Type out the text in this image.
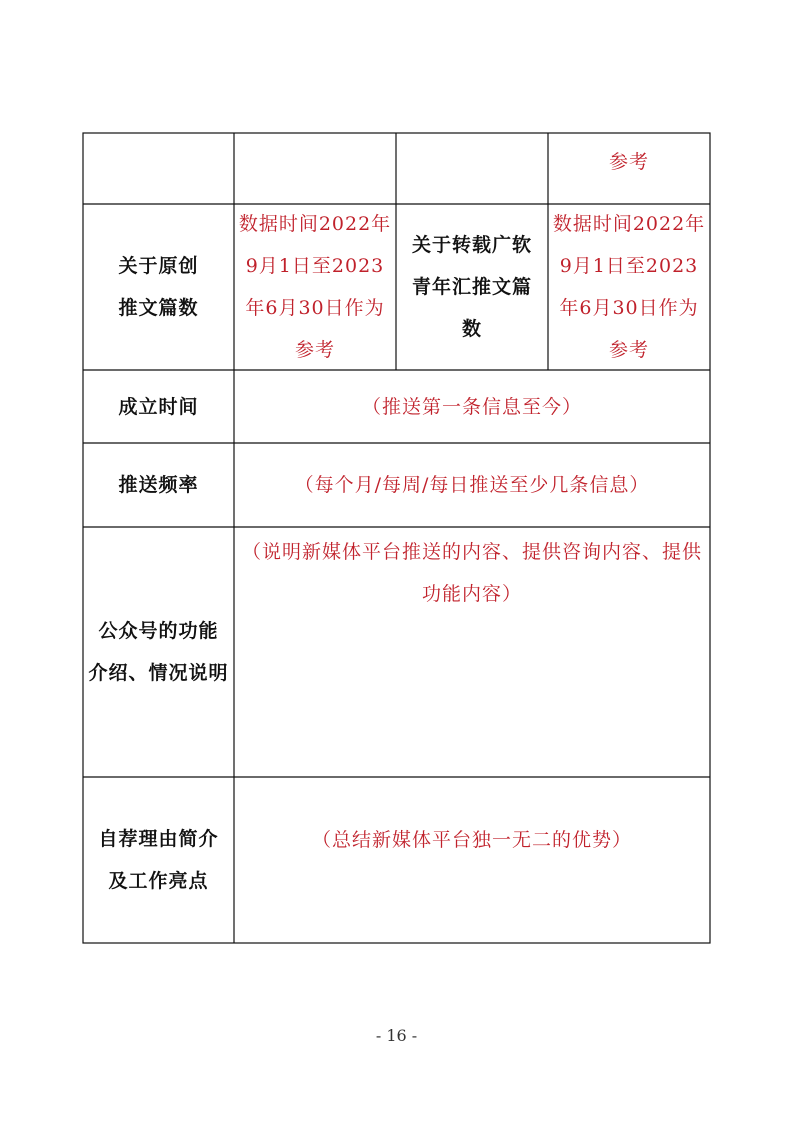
参考
关于原创
推文篇数
数据时间2022年
9月1日至2023
年6月30日作为
参考
关于转载广软
青年汇推文篇
数
数据时间2022年
9月1日至2023
年6月30日作为
参考
成立时间	（推送第一条信息至今）
推送频率	（每个月/每周/每日推送至少几条信息）
公众号的功能
介绍、情况说明
（说明新媒体平台推送的内容、提供咨询内容、提供
功能内容）
自荐理由简介
及工作亮点
（总结新媒体平台独一无二的优势）
- 16 -
